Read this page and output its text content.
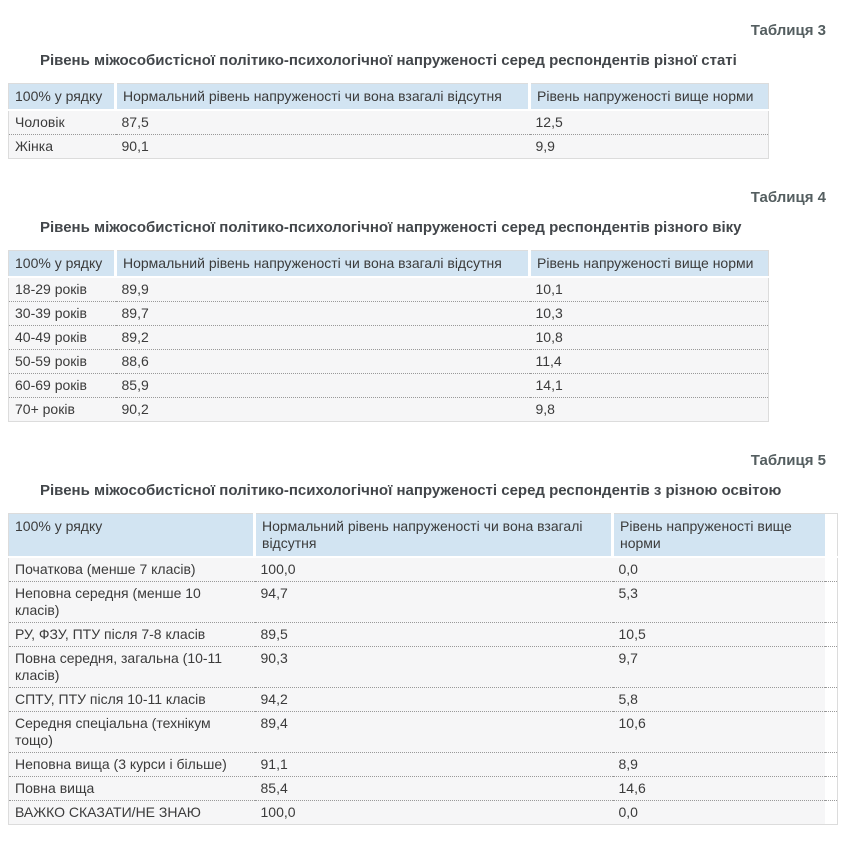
Таблиця 3

Рівень міжособистісної політико-психологічної напруженості серед респондентів різної статі

100% у рядку	Нормальний рівень напруженості чи вона взагалі відсутня	Рівень напруженості вище норми
Чоловік	87,5	12,5
Жінка	90,1	9,9
Таблиця 4

Рівень міжособистісної політико-психологічної напруженості серед респондентів різного віку

100% у рядку	Нормальний рівень напруженості чи вона взагалі відсутня	Рівень напруженості вище норми
18-29 років	89,9	10,1
30-39 років	89,7	10,3
40-49 років	89,2	10,8
50-59 років	88,6	11,4
60-69 років	85,9	14,1
70+ років	90,2	9,8
Таблиця 5

Рівень міжособистісної політико-психологічної напруженості серед респондентів з різною освітою

100% у рядку	Нормальний рівень напруженості чи вона взагалі відсутня	Рівень напруженості вище норми	
Початкова (менше 7 класів)	100,0	0,0	
Неповна середня (менше 10 класів)	94,7	5,3	
РУ, ФЗУ, ПТУ після 7-8 класів	89,5	10,5	
Повна середня, загальна (10-11 класів)	90,3	9,7	
СПТУ, ПТУ після 10-11 класів	94,2	5,8	
Середня спеціальна (технікум тощо)	89,4	10,6	
Неповна вища (3 курси і більше)	91,1	8,9	
Повна вища	85,4	14,6	
ВАЖКО СКАЗАТИ/НЕ ЗНАЮ	100,0	0,0	
